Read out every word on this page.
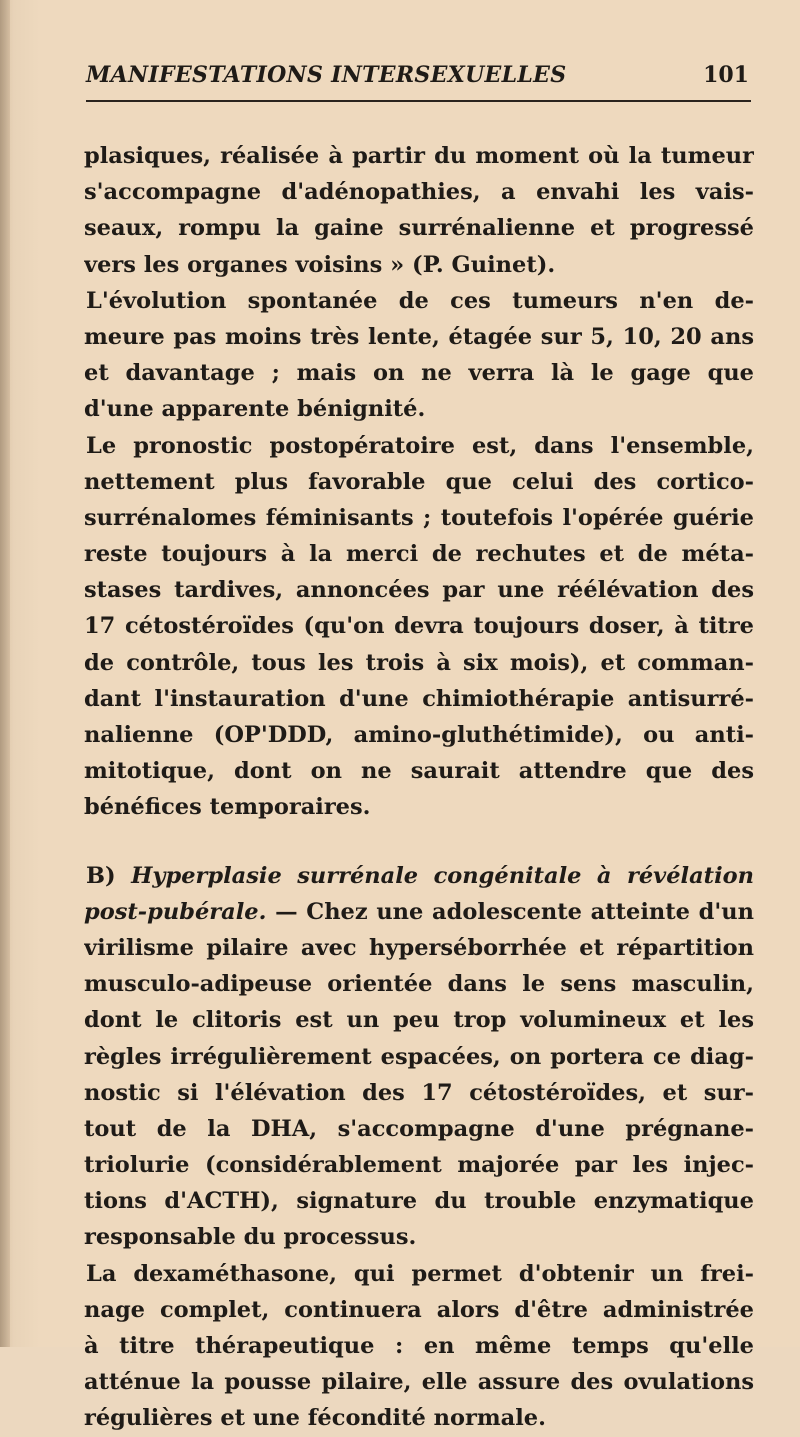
MANIFESTATIONS INTERSEXUELLES	101
plasiques, réalisée à partir du moment où la tumeur
s'accompagne d'adénopathies, a envahi les vais-
seaux, rompu la gaine surrénalienne et progressé
vers les organes voisins » (P. Guinet).
L'évolution spontanée de ces tumeurs n'en de-
meure pas moins très lente, étagée sur 5, 10, 20 ans
et davantage ; mais on ne verra là le gage que
d'une apparente bénignité.
Le pronostic postopératoire est, dans l'ensemble,
nettement plus favorable que celui des cortico-
surrénalomes féminisants ; toutefois l'opérée guérie
reste toujours à la merci de rechutes et de méta-
stases tardives, annoncées par une réélévation des
17 cétostéroïdes (qu'on devra toujours doser, à titre
de contrôle, tous les trois à six mois), et comman-
dant l'instauration d'une chimiothérapie antisurré-
nalienne (OP'DDD, amino-gluthétimide), ou anti-
mitotique, dont on ne saurait attendre que des
bénéfices temporaires.
B) Hyperplasie surrénale congénitale à révélation
post-pubérale. — Chez une adolescente atteinte d'un
virilisme pilaire avec hyperséborrhée et répartition
musculo-adipeuse orientée dans le sens masculin,
dont le clitoris est un peu trop volumineux et les
règles irrégulièrement espacées, on portera ce diag-
nostic si l'élévation des 17 cétostéroïdes, et sur-
tout de la DHA, s'accompagne d'une prégnane-
triolurie (considérablement majorée par les injec-
tions d'ACTH), signature du trouble enzymatique
responsable du processus.
La dexaméthasone, qui permet d'obtenir un frei-
nage complet, continuera alors d'être administrée
à titre thérapeutique : en même temps qu'elle
atténue la pousse pilaire, elle assure des ovulations
régulières et une fécondité normale.
